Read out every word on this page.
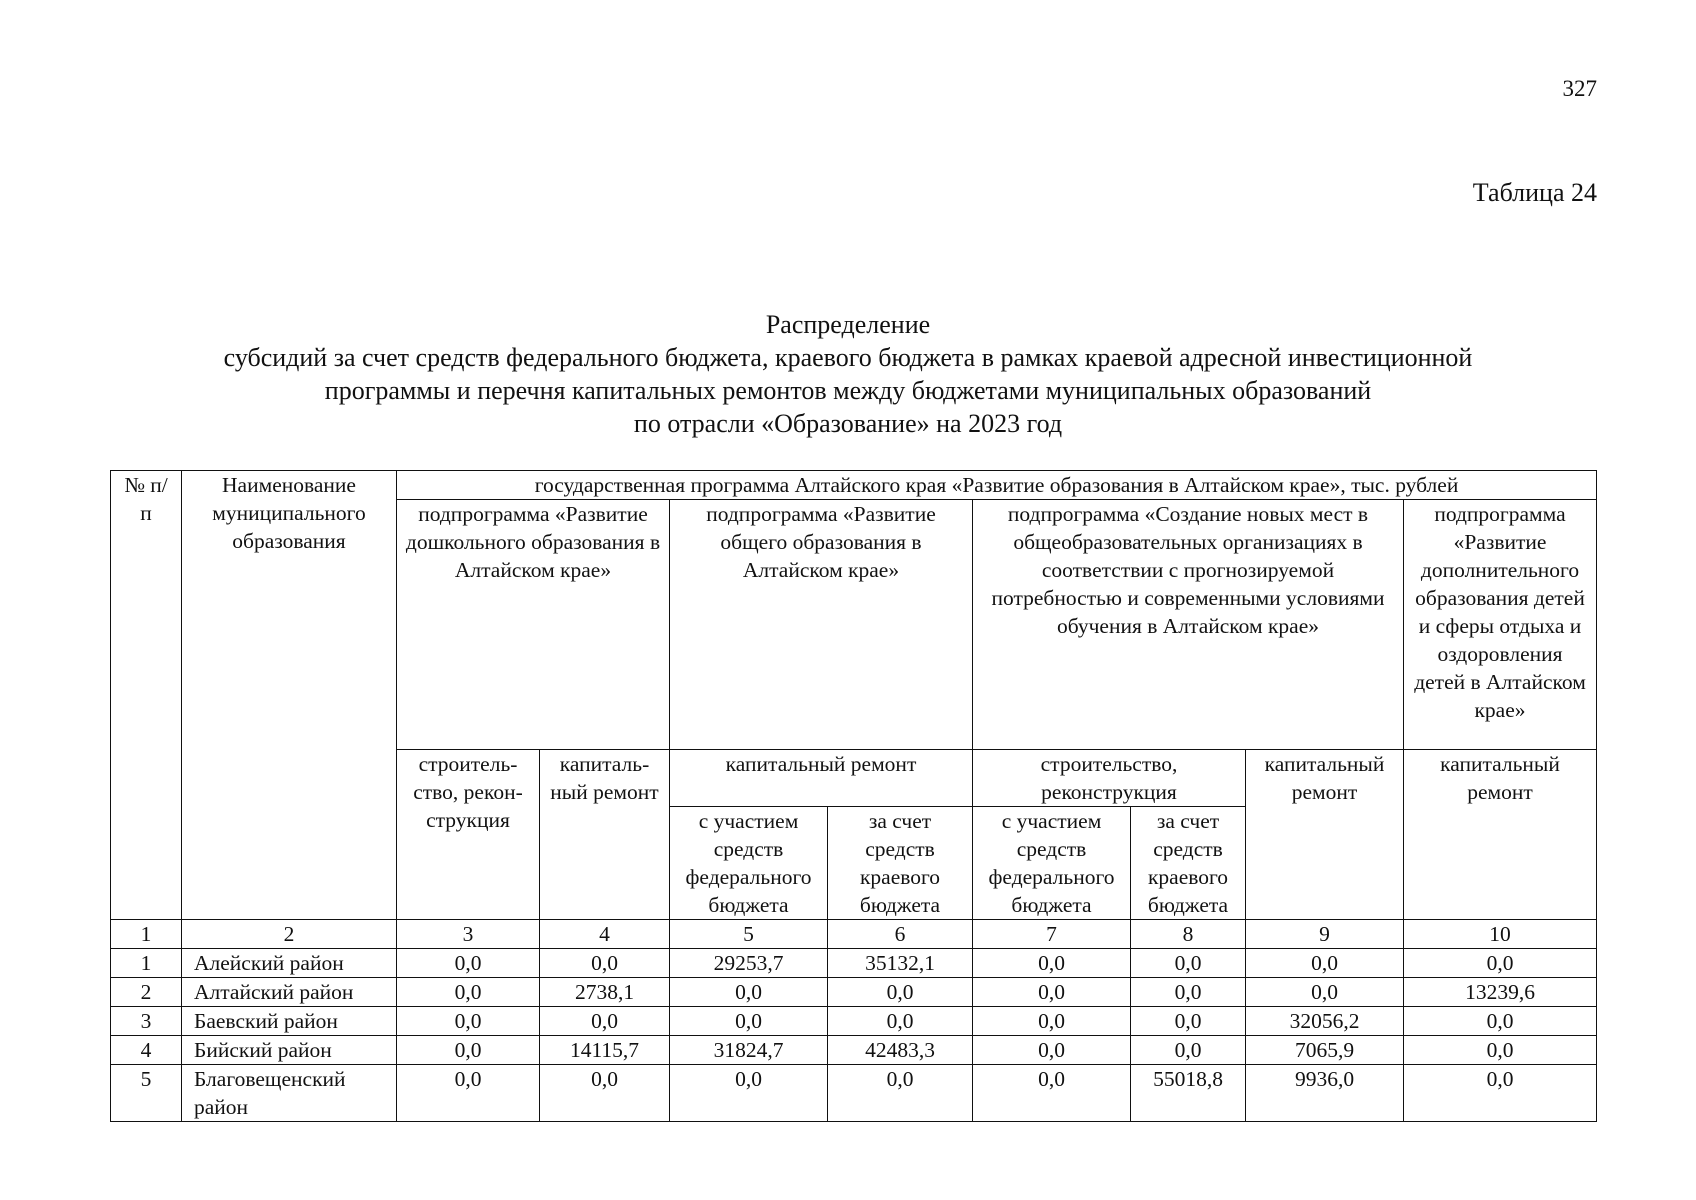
327
Таблица 24
Распределение
субсидий за счет средств федерального бюджета, краевого бюджета в рамках краевой адресной инвестиционной
программы и перечня капитальных ремонтов между бюджетами муниципальных образований
по отрасли «Образование» на 2023 год
№ п/п	Наименование муниципального образования	государственная программа Алтайского края «Развитие образования в Алтайском крае», тыс. рублей							
		подпрограмма «Развитие дошкольного образования в Алтайском крае»		подпрограмма «Развитие общего образования в Алтайском крае»		подпрограмма «Создание новых мест в общеобразовательных организациях в соответствии с прогнозируемой потребностью и современными условиями обучения в Алтайском крае»			подпрограмма «Развитие дополнительного образования детей и сферы отдыха и оздоровления детей в Алтайском крае»
		строитель-ство, рекон-струкция	капиталь-ный ремонт	капитальный ремонт		строительство, реконструкция		капитальный ремонт	капитальный ремонт
				с участием средств федерального бюджета	за счет средств краевого бюджета	с участием средств федерального бюджета	за счет средств краевого бюджета		
1	2	3	4	5	6	7	8	9	10
1	Алейский район	0,0	0,0	29253,7	35132,1	0,0	0,0	0,0	0,0
2	Алтайский район	0,0	2738,1	0,0	0,0	0,0	0,0	0,0	13239,6
3	Баевский район	0,0	0,0	0,0	0,0	0,0	0,0	32056,2	0,0
4	Бийский район	0,0	14115,7	31824,7	42483,3	0,0	0,0	7065,9	0,0
5	Благовещенский район	0,0	0,0	0,0	0,0	0,0	55018,8	9936,0	0,0
